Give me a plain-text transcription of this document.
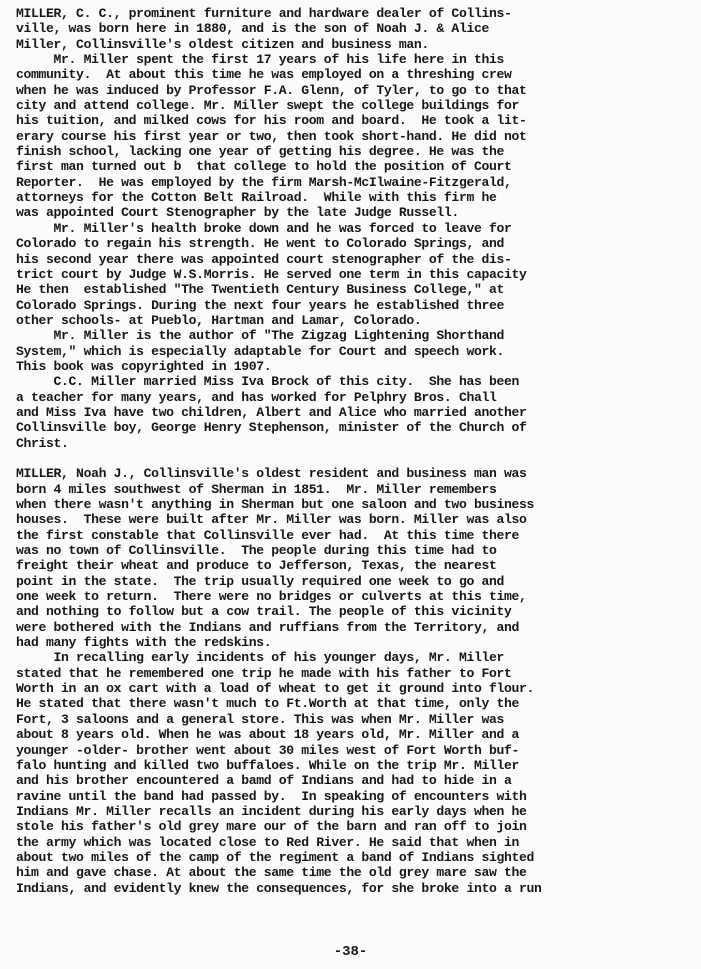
MILLER, C. C., prominent furniture and hardware dealer of Collins-
ville, was born here in 1880, and is the son of Noah J. & Alice
Miller, Collinsville's oldest citizen and business man.
Mr. Miller spent the first 17 years of his life here in this
community.  At about this time he was employed on a threshing crew
when he was induced by Professor F.A. Glenn, of Tyler, to go to that
city and attend college. Mr. Miller swept the college buildings for
his tuition, and milked cows for his room and board.  He took a lit-
erary course his first year or two, then took short-hand. He did not
finish school, lacking one year of getting his degree. He was the
first man turned out b  that college to hold the position of Court
Reporter.  He was employed by the firm Marsh-McIlwaine-Fitzgerald,
attorneys for the Cotton Belt Railroad.  While with this firm he
was appointed Court Stenographer by the late Judge Russell.
Mr. Miller's health broke down and he was forced to leave for
Colorado to regain his strength. He went to Colorado Springs, and
his second year there was appointed court stenographer of the dis-
trict court by Judge W.S.Morris. He served one term in this capacity
He then  established "The Twentieth Century Business College," at
Colorado Springs. During the next four years he established three
other schools- at Pueblo, Hartman and Lamar, Colorado.
Mr. Miller is the author of "The Zigzag Lightening Shorthand
System," which is especially adaptable for Court and speech work.
This book was copyrighted in 1907.
C.C. Miller married Miss Iva Brock of this city.  She has been
a teacher for many years, and has worked for Pelphry Bros. Chall
and Miss Iva have two children, Albert and Alice who married another
Collinsville boy, George Henry Stephenson, minister of the Church of
Christ.
MILLER, Noah J., Collinsville's oldest resident and business man was
born 4 miles southwest of Sherman in 1851.  Mr. Miller remembers
when there wasn't anything in Sherman but one saloon and two business
houses.  These were built after Mr. Miller was born. Miller was also
the first constable that Collinsville ever had.  At this time there
was no town of Collinsville.  The people during this time had to
freight their wheat and produce to Jefferson, Texas, the nearest
point in the state.  The trip usually required one week to go and
one week to return.  There were no bridges or culverts at this time,
and nothing to follow but a cow trail. The people of this vicinity
were bothered with the Indians and ruffians from the Territory, and
had many fights with the redskins.
In recalling early incidents of his younger days, Mr. Miller
stated that he remembered one trip he made with his father to Fort
Worth in an ox cart with a load of wheat to get it ground into flour.
He stated that there wasn't much to Ft.Worth at that time, only the
Fort, 3 saloons and a general store. This was when Mr. Miller was
about 8 years old. When he was about 18 years old, Mr. Miller and a
younger -older- brother went about 30 miles west of Fort Worth buf-
falo hunting and killed two buffaloes. While on the trip Mr. Miller
and his brother encountered a bamd of Indians and had to hide in a
ravine until the band had passed by.  In speaking of encounters with
Indians Mr. Miller recalls an incident during his early days when he
stole his father's old grey mare our of the barn and ran off to join
the army which was located close to Red River. He said that when in
about two miles of the camp of the regiment a band of Indians sighted
him and gave chase. At about the same time the old grey mare saw the
Indians, and evidently knew the consequences, for she broke into a run
-38-
